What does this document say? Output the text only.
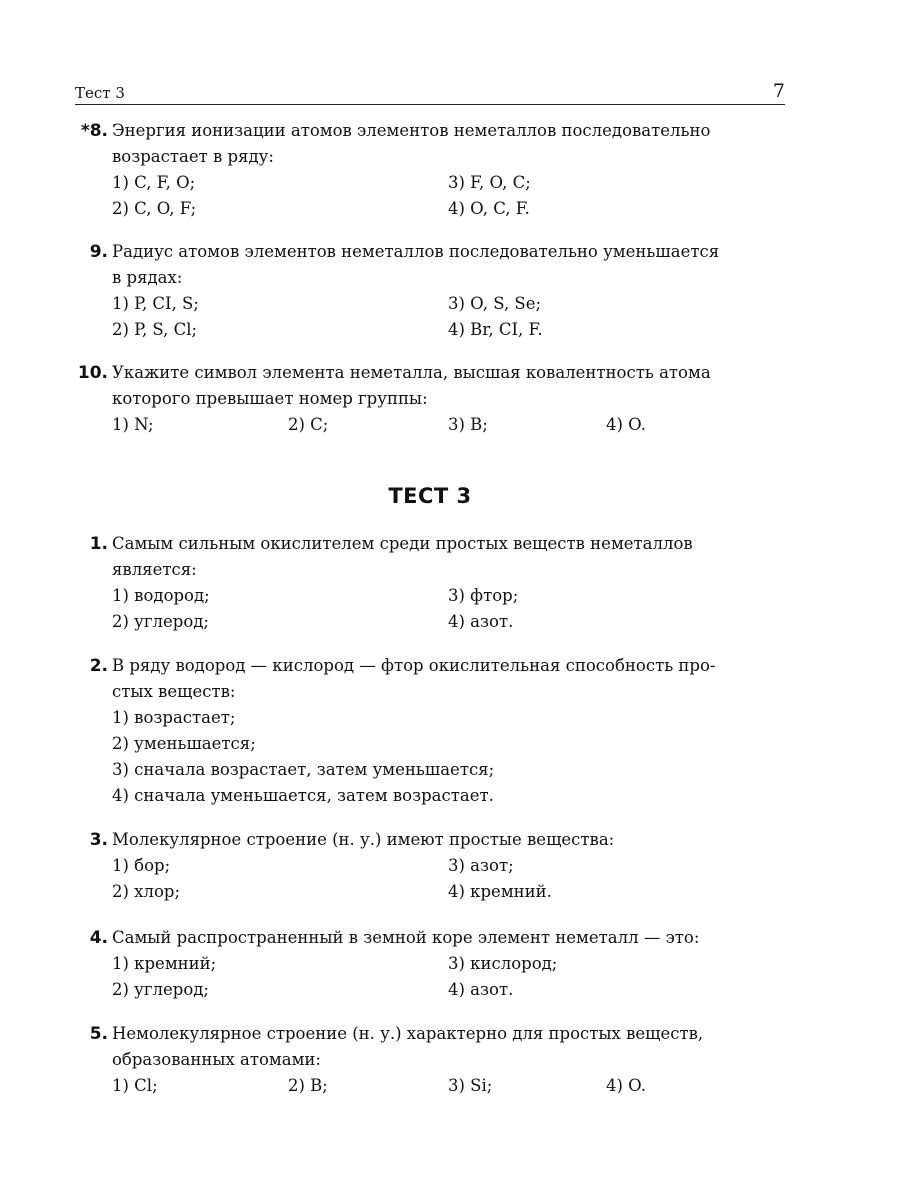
Тест 3	7
*8. Энергия ионизации атомов элементов неметаллов последовательно
возрастает в ряду:

1) C, F, O;	3) F, O, C;
2) C, O, F;	4) O, C, F.
9. Радиус атомов элементов неметаллов последовательно уменьшается
в рядах:

1) P, CI, S;	3) O, S, Se;
2) P, S, Cl;	4) Br, CI, F.
10. Укажите символ элемента неметалла, высшая ковалентность атома
которого превышает номер группы:

1) N;	2) C;	3) B;	4) O.
ТЕСТ 3
1. Самым сильным окислителем среди простых веществ неметаллов
является:

1) водород;	3) фтор;
2) углерод;	4) азот.
2. В ряду водород — кислород — фтор окислительная способность про-
стых веществ:

1) возрастает;
2) уменьшается;
3) сначала возрастает, затем уменьшается;
4) сначала уменьшается, затем возрастает.
3. Молекулярное строение (н. у.) имеют простые вещества:

1) бор;	3) азот;
2) хлор;	4) кремний.
4. Самый распространенный в земной коре элемент неметалл — это:

1) кремний;	3) кислород;
2) углерод;	4) азот.
5. Немолекулярное строение (н. у.) характерно для простых веществ,
образованных атомами:

1) Cl;	2) B;	3) Si;	4) O.
